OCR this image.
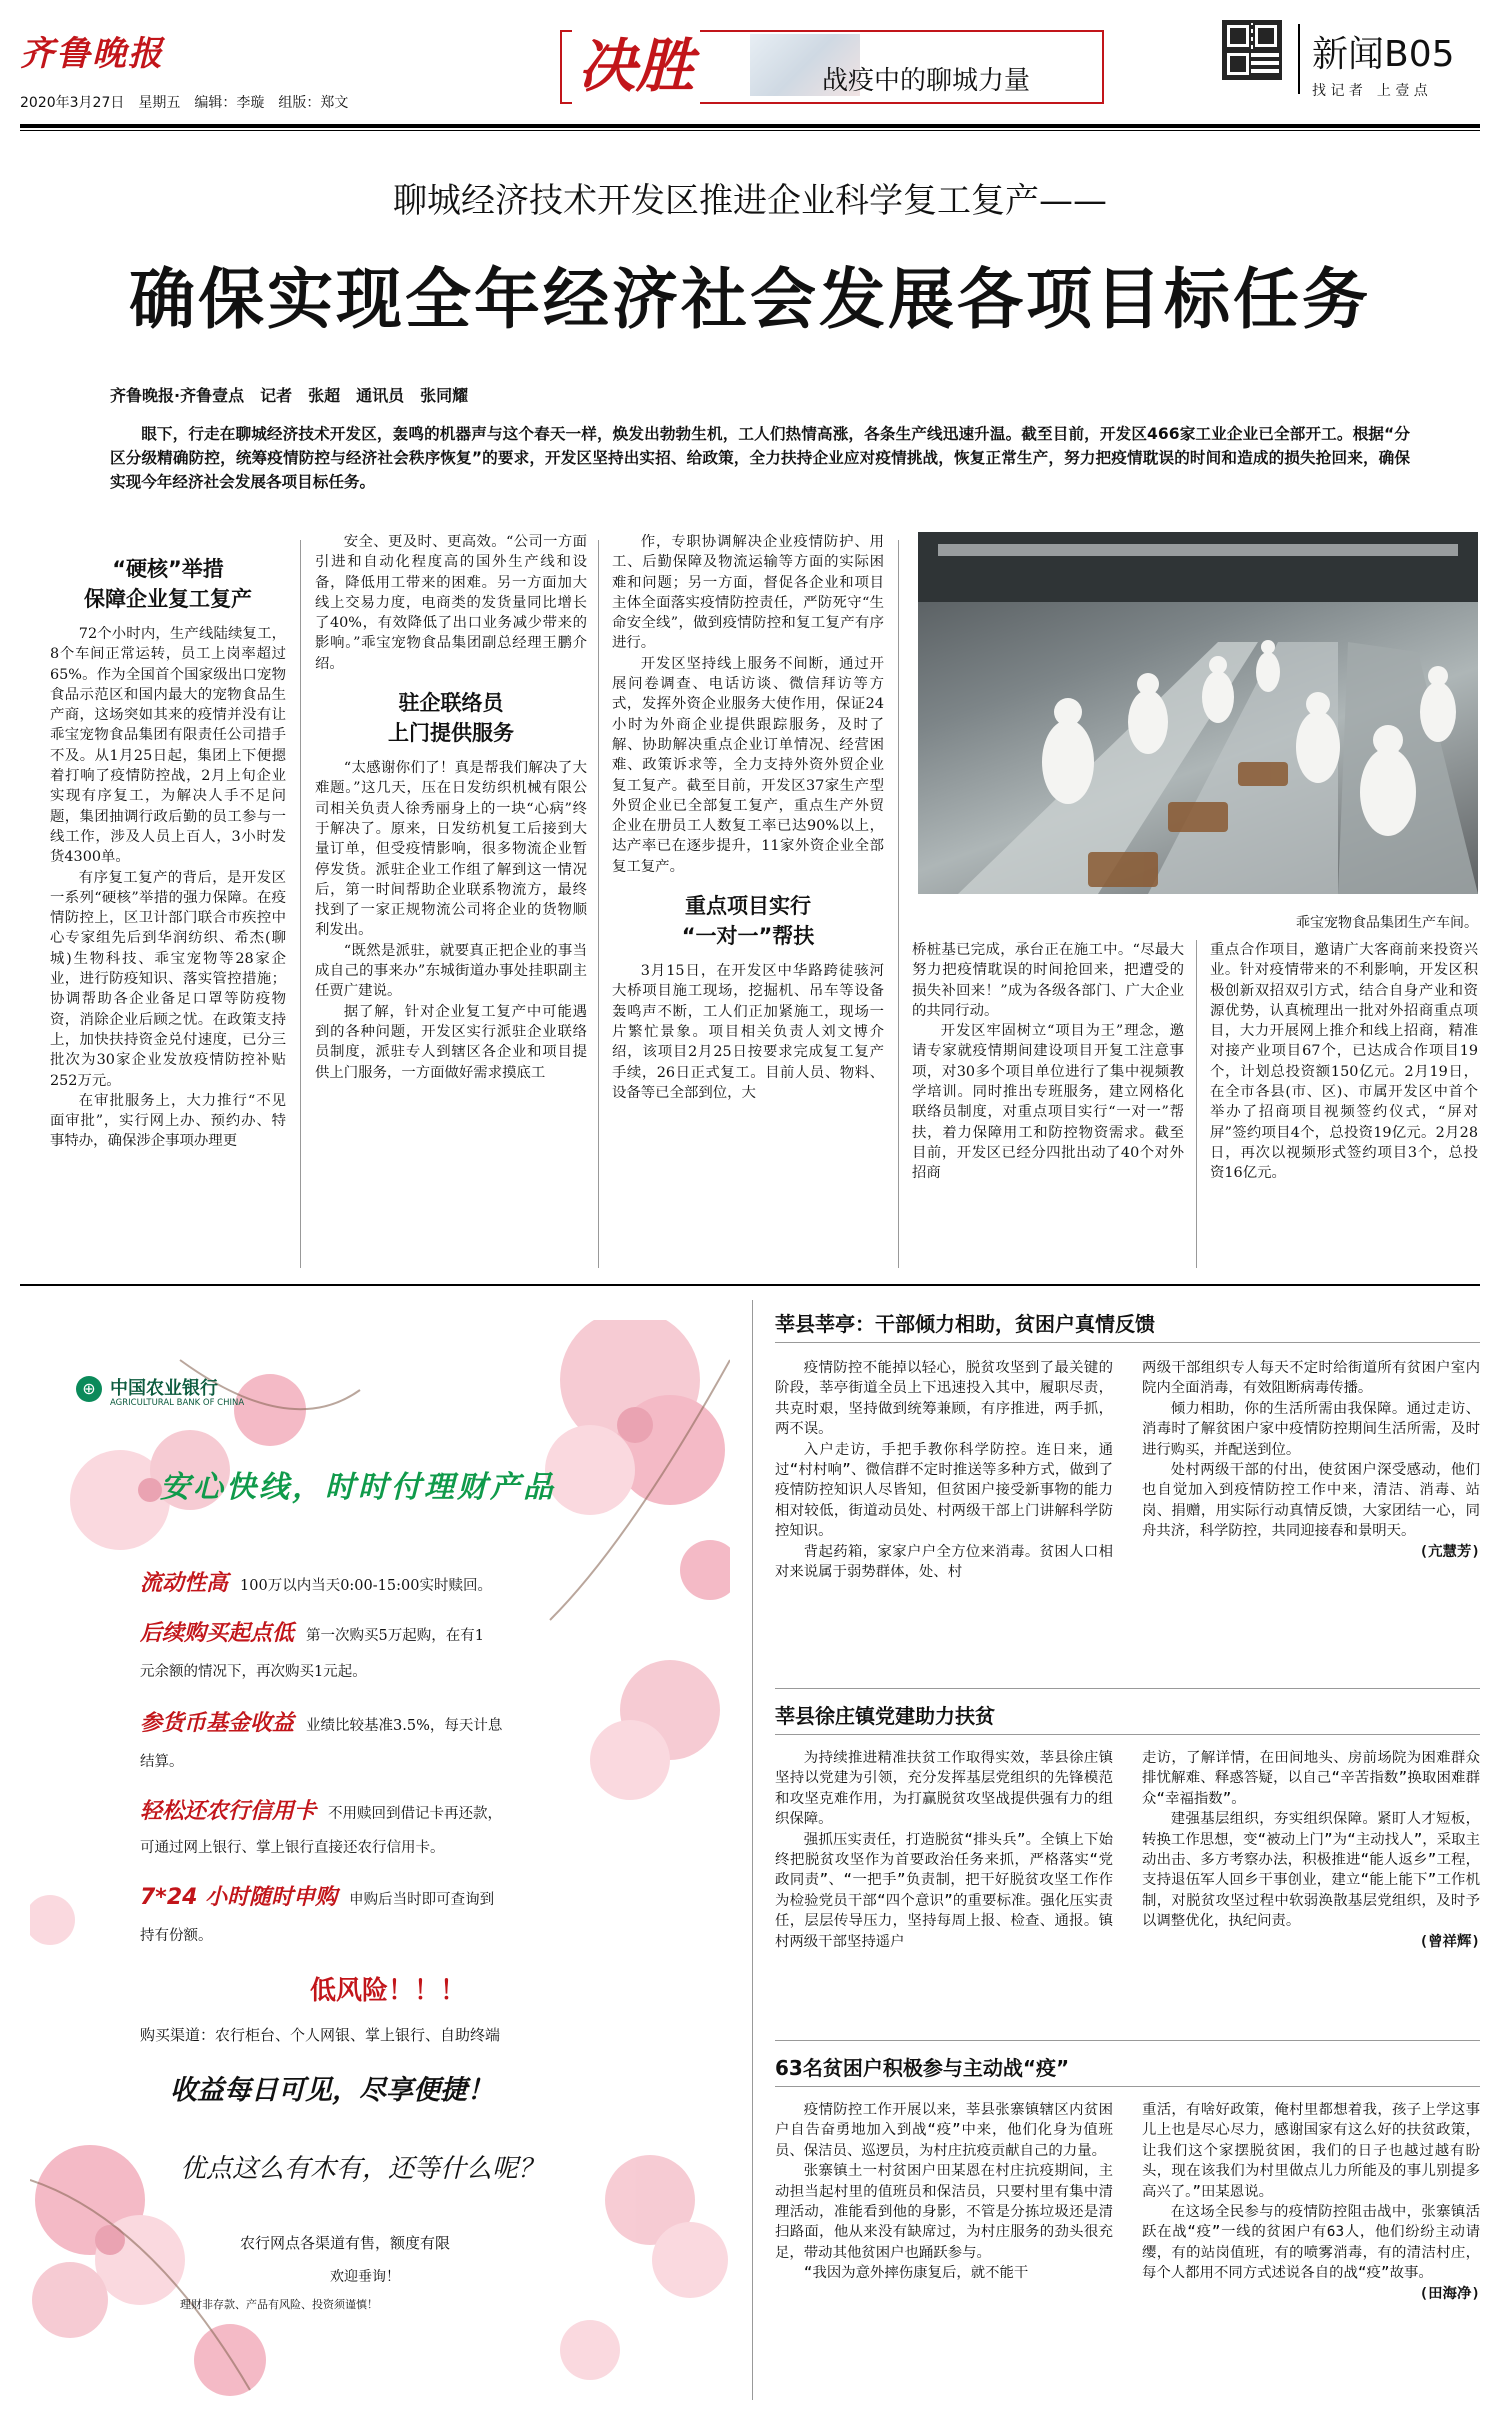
齐鲁晚报
2020年3月27日　星期五　编辑：李璇　组版：郑文
决胜	战疫中的聊城力量
新闻B05
找 记 者　上 壹 点
聊城经济技术开发区推进企业科学复工复产——
确保实现全年经济社会发展各项目标任务
齐鲁晚报·齐鲁壹点　记者　张超　通讯员　张同耀
眼下，行走在聊城经济技术开发区，轰鸣的机器声与这个春天一样，焕发出勃勃生机，工人们热情高涨，各条生产线迅速升温。截至目前，开发区466家工业企业已全部开工。根据“分区分级精确防控，统筹疫情防控与经济社会秩序恢复”的要求，开发区坚持出实招、给政策，全力扶持企业应对疫情挑战，恢复正常生产，努力把疫情耽误的时间和造成的损失抢回来，确保实现今年经济社会发展各项目标任务。
“硬核”举措
保障企业复工复产

72个小时内，生产线陆续复工，8个车间正常运转，员工上岗率超过65%。作为全国首个国家级出口宠物食品示范区和国内最大的宠物食品生产商，这场突如其来的疫情并没有让乖宝宠物食品集团有限责任公司措手不及。从1月25日起，集团上下便摁着打响了疫情防控战，2月上旬企业实现有序复工，为解决人手不足问题，集团抽调行政后勤的员工参与一线工作，涉及人员上百人，3小时发货4300单。

有序复工复产的背后，是开发区一系列“硬核”举措的强力保障。在疫情防控上，区卫计部门联合市疾控中心专家组先后到华润纺织、希杰(聊城)生物科技、乖宝宠物等28家企业，进行防疫知识、落实管控措施；协调帮助各企业备足口罩等防疫物资，消除企业后顾之忧。在政策支持上，加快扶持资金兑付速度，已分三批次为30家企业发放疫情防控补贴252万元。

在审批服务上，大力推行“不见面审批”，实行网上办、预约办、特事特办，确保涉企事项办理更

安全、更及时、更高效。“公司一方面引进和自动化程度高的国外生产线和设备，降低用工带来的困难。另一方面加大线上交易力度，电商类的发货量同比增长了40%，有效降低了出口业务减少带来的影响。”乖宝宠物食品集团副总经理王鹏介绍。

驻企联络员
上门提供服务

“太感谢你们了！真是帮我们解决了大难题。”这几天，压在日发纺织机械有限公司相关负责人徐秀丽身上的一块“心病”终于解决了。原来，日发纺机复工后接到大量订单，但受疫情影响，很多物流企业暂停发货。派驻企业工作组了解到这一情况后，第一时间帮助企业联系物流方，最终找到了一家正规物流公司将企业的货物顺利发出。

“既然是派驻，就要真正把企业的事当成自己的事来办”东城街道办事处挂职副主任贾广建说。

据了解，针对企业复工复产中可能遇到的各种问题，开发区实行派驻企业联络员制度，派驻专人到辖区各企业和项目提供上门服务，一方面做好需求摸底工

作，专职协调解决企业疫情防护、用工、后勤保障及物流运输等方面的实际困难和问题；另一方面，督促各企业和项目主体全面落实疫情防控责任，严防死守“生命安全线”，做到疫情防控和复工复产有序进行。

开发区坚持线上服务不间断，通过开展问卷调查、电话访谈、微信拜访等方式，发挥外资企业服务大使作用，保证24小时为外商企业提供跟踪服务，及时了解、协助解决重点企业订单情况、经营困难、政策诉求等，全力支持外资外贸企业复工复产。截至目前，开发区37家生产型外贸企业已全部复工复产，重点生产外贸企业在册员工人数复工率已达90%以上，达产率已在逐步提升，11家外资企业全部复工复产。

重点项目实行
“一对一”帮扶

3月15日，在开发区中华路跨徒骇河大桥项目施工现场，挖掘机、吊车等设备轰鸣声不断，工人们正加紧施工，现场一片繁忙景象。项目相关负责人刘文博介绍，该项目2月25日按要求完成复工复产手续，26日正式复工。目前人员、物料、设备等已全部到位，大

乖宝宠物食品集团生产车间。

桥桩基已完成，承台正在施工中。“尽最大努力把疫情耽误的时间抢回来，把遭受的损失补回来！”成为各级各部门、广大企业的共同行动。

开发区牢固树立“项目为王”理念，邀请专家就疫情期间建设项目开复工注意事项，对30多个项目单位进行了集中视频教学培训。同时推出专班服务，建立网格化联络员制度，对重点项目实行“一对一”帮扶，着力保障用工和防控物资需求。截至目前，开发区已经分四批出动了40个对外招商

重点合作项目，邀请广大客商前来投资兴业。针对疫情带来的不利影响，开发区积极创新双招双引方式，结合自身产业和资源优势，认真梳理出一批对外招商重点项目，大力开展网上推介和线上招商，精准对接产业项目67个，已达成合作项目19个，计划总投资额150亿元。2月19日，在全市各县(市、区)、市属开发区中首个举办了招商项目视频签约仪式，“屏对屏”签约项目4个，总投资19亿元。2月28日，再次以视频形式签约项目3个，总投资16亿元。

⊕ 中国农业银行
AGRICULTURAL BANK OF CHINA
安心快线，时时付理财产品
流动性高 100万以内当天0:00-15:00实时赎回。
后续购买起点低 第一次购买5万起购，在有1
元余额的情况下，再次购买1元起。
参货币基金收益 业绩比较基准3.5%，每天计息
结算。
轻松还农行信用卡 不用赎回到借记卡再还款，
可通过网上银行、掌上银行直接还农行信用卡。
7*24 小时随时申购 申购后当时即可查询到
持有份额。
低风险！！！
购买渠道：农行柜台、个人网银、掌上银行、自助终端
收益每日可见，尽享便捷！
优点这么有木有，还等什么呢？
农行网点各渠道有售，额度有限
欢迎垂询！
理财非存款、产品有风险、投资须谨慎！
莘县莘亭：干部倾力相助，贫困户真情反馈

疫情防控不能掉以轻心，脱贫攻坚到了最关键的阶段，莘亭街道全员上下迅速投入其中，履职尽责，共克时艰，坚持做到统筹兼顾，有序推进，两手抓，两不误。

入户走访，手把手教你科学防控。连日来，通过“村村响”、微信群不定时推送等多种方式，做到了疫情防控知识人尽皆知，但贫困户接受新事物的能力相对较低，街道动员处、村两级干部上门讲解科学防控知识。

背起药箱，家家户户全方位来消毒。贫困人口相对来说属于弱势群体，处、村

两级干部组织专人每天不定时给街道所有贫困户室内院内全面消毒，有效阻断病毒传播。

倾力相助，你的生活所需由我保障。通过走访、消毒时了解贫困户家中疫情防控期间生活所需，及时进行购买，并配送到位。

处村两级干部的付出，使贫困户深受感动，他们也自觉加入到疫情防控工作中来，清洁、消毒、站岗、捐赠，用实际行动真情反馈，大家团结一心，同舟共济，科学防控，共同迎接春和景明天。

(亢慧芳)

莘县徐庄镇党建助力扶贫

为持续推进精准扶贫工作取得实效，莘县徐庄镇坚持以党建为引领，充分发挥基层党组织的先锋模范和攻坚克难作用，为打赢脱贫攻坚战提供强有力的组织保障。

强抓压实责任，打造脱贫“排头兵”。全镇上下始终把脱贫攻坚作为首要政治任务来抓，严格落实“党政同责”、“一把手”负责制，把干好脱贫攻坚工作作为检验党员干部“四个意识”的重要标准。强化压实责任，层层传导压力，坚持每周上报、检查、通报。镇村两级干部坚持遥户

走访，了解详情，在田间地头、房前场院为困难群众排忧解难、释惑答疑，以自己“辛苦指数”换取困难群众“幸福指数”。

建强基层组织，夯实组织保障。紧盯人才短板，转换工作思想，变“被动上门”为“主动找人”，采取主动出击、多方考察办法，积极推进“能人返乡”工程，支持退伍军人回乡干事创业，建立“能上能下”工作机制，对脱贫攻坚过程中软弱涣散基层党组织，及时予以调整优化，执纪问责。

(曾祥辉)

63名贫困户积极参与主动战“疫”

疫情防控工作开展以来，莘县张寨镇辖区内贫困户自告奋勇地加入到战“疫”中来，他们化身为值班员、保洁员、巡逻员，为村庄抗疫贡献自己的力量。

张寨镇土一村贫困户田某恩在村庄抗疫期间，主动担当起村里的值班员和保洁员，只要村里有集中清理活动，准能看到他的身影，不管是分拣垃圾还是清扫路面，他从来没有缺席过，为村庄服务的劲头很充足，带动其他贫困户也踊跃参与。

“我因为意外摔伤康复后，就不能干

重活，有啥好政策，俺村里都想着我，孩子上学这事儿上也是尽心尽力，感谢国家有这么好的扶贫政策，让我们这个家摆脱贫困，我们的日子也越过越有盼头，现在该我们为村里做点儿力所能及的事儿别提多高兴了。”田某恩说。

在这场全民参与的疫情防控阻击战中，张寨镇活跃在战“疫”一线的贫困户有63人，他们纷纷主动请缨，有的站岗值班，有的喷雾消毒，有的清洁村庄，每个人都用不同方式述说各自的战“疫”故事。

(田海净)
